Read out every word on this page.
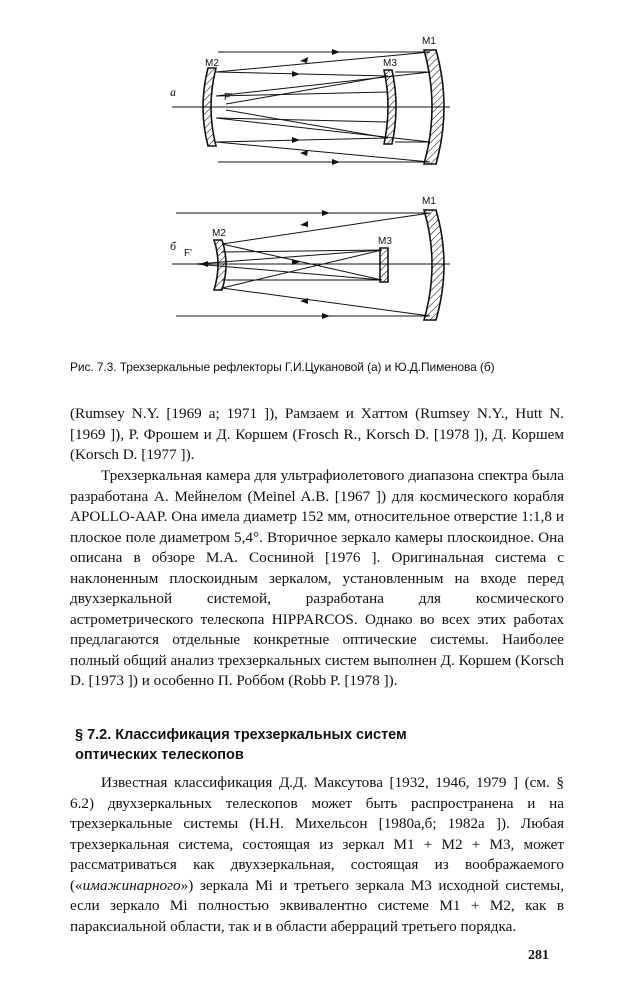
а
M1
M2	M3
F'
б
M1
M2
M3
F'
Рис. 7.3. Трехзеркальные рефлекторы Г.И.Цукановой (а) и Ю.Д.Пименова (б)

(Rumsey N.Y. [1969 а; 1971 ]), Рамзаем и Хаттом (Rumsey N.Y., Hutt N. [1969 ]), Р. Фрошем и Д. Коршем (Frosch R., Korsch D. [1978 ]), Д. Коршем (Korsch D. [1977 ]).

Трехзеркальная камера для ультрафиолетового диапазона спектра была разработана А. Мейнелом (Meinel A.B. [1967 ]) для космического корабля APOLLO-AAP. Она имела диаметр 152 мм, относительное отверстие 1:1,8 и плоское поле диаметром 5,4°. Вторичное зеркало камеры плоскоидное. Она описана в обзоре М.А. Сосниной [1976 ]. Оригинальная система с наклоненным плоскоидным зеркалом, установленным на входе перед двухзеркальной системой, разработана для космического астрометрического телескопа HIPPARCOS. Однако во всех этих работах предлагаются отдельные конкретные оптические системы. Наиболее полный общий анализ трехзеркальных систем выполнен Д. Коршем (Korsch D. [1973 ]) и особенно П. Роббом (Robb P. [1978 ]).

§ 7.2. Классификация трехзеркальных систем
оптических телескопов

Известная классификация Д.Д. Максутова [1932, 1946, 1979 ] (см. § 6.2) двухзеркальных телескопов может быть распространена и на трехзеркальные системы (Н.Н. Михельсон [1980а,б; 1982а ]). Любая трехзеркальная система, состоящая из зеркал М1 + М2 + М3, может рассматриваться как двухзеркальная, состоящая из воображаемого («имажинарного») зеркала Mi и третьего зеркала М3 исходной системы, если зеркало Mi полностью эквивалентно системе М1 + М2, как в параксиальной области, так и в области аберраций третьего порядка.

281
